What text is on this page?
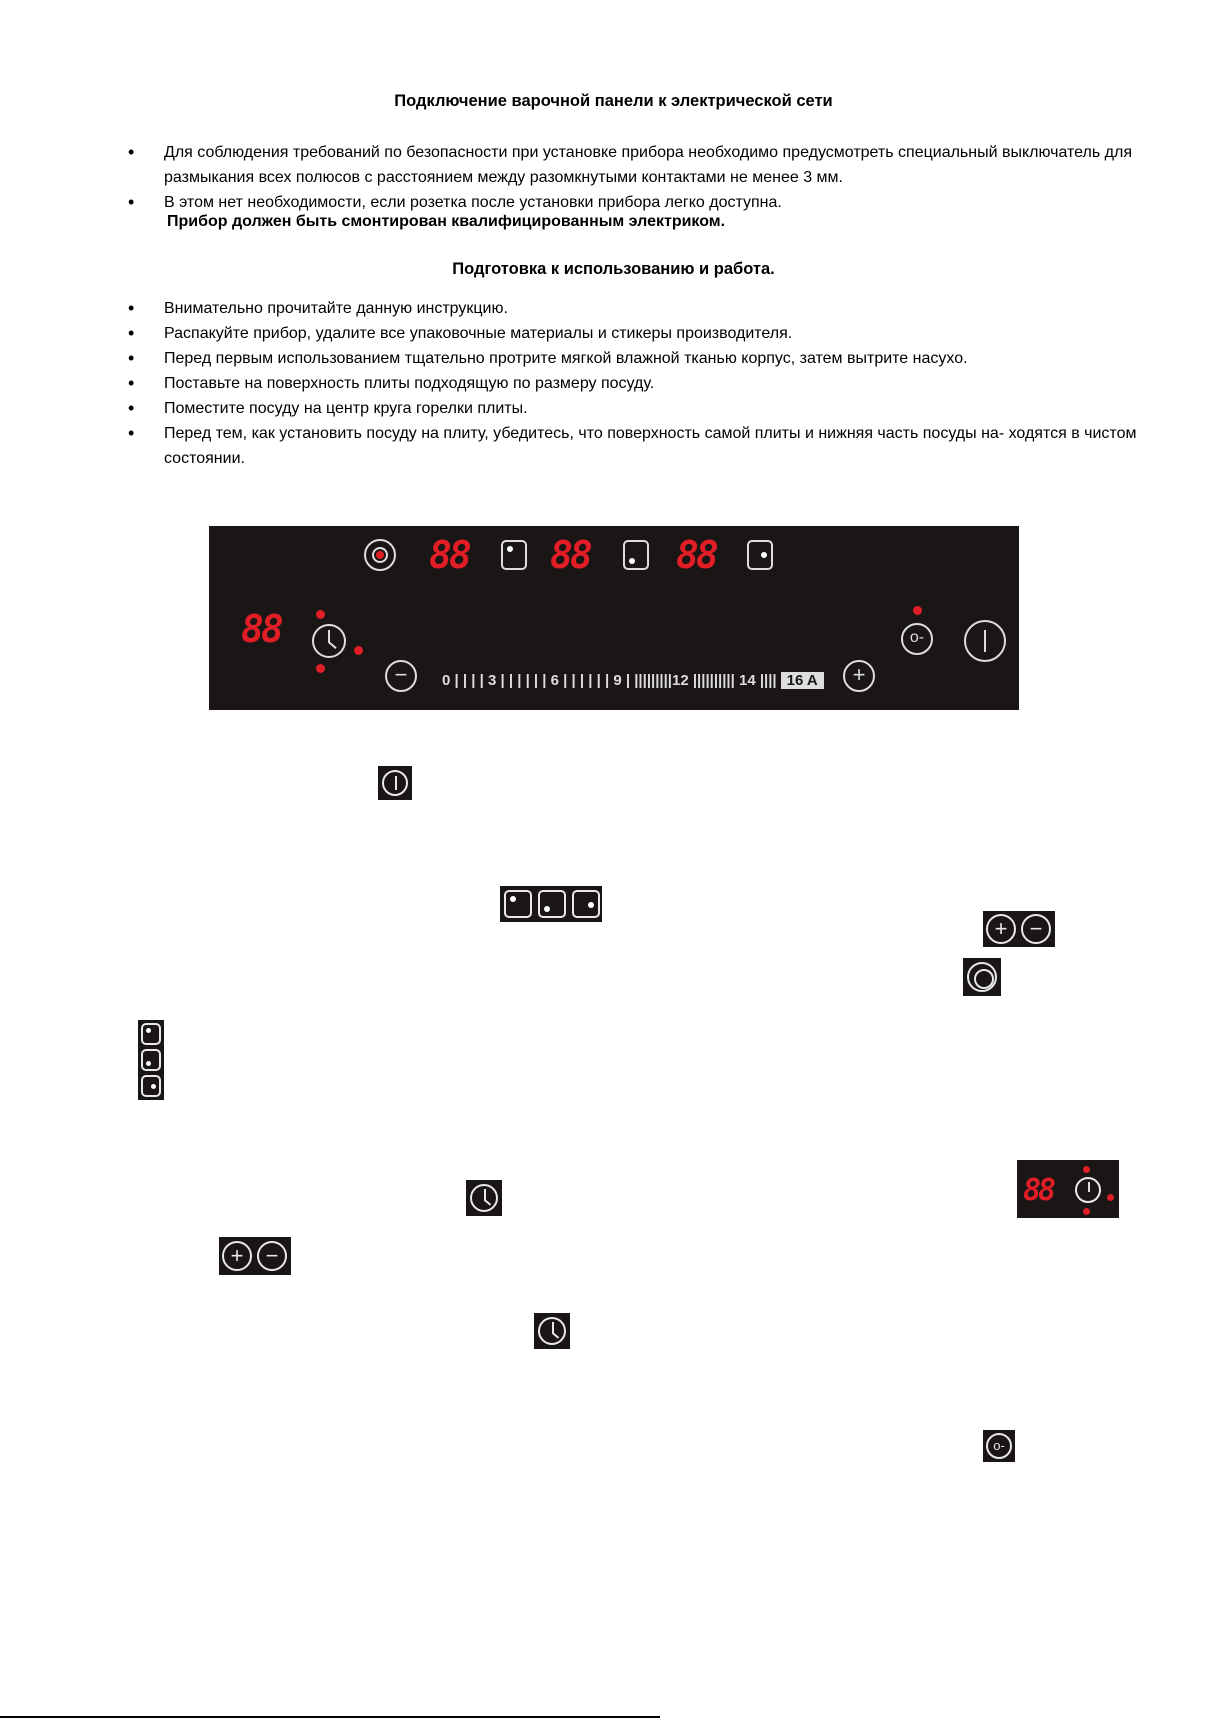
Подключение варочной панели к электрической сети
• Для соблюдения требований по безопасности при установке прибора необходимо предусмотреть специальный выключатель для размыкания всех полюсов с расстоянием между разомкнутыми контактами не менее 3 мм.
• В этом нет необходимости, если розетка после установки прибора легко доступна.
Прибор должен быть смонтирован квалифицированным электриком.
Подготовка к использованию и работа.
• Внимательно прочитайте данную инструкцию.
• Распакуйте прибор, удалите все упаковочные материалы и стикеры производителя.
• Перед первым использованием тщательно протрите мягкой влажной тканью корпус, затем вытрите насухо.
• Поставьте на поверхность плиты подходящую по размеру посуду.
• Поместите посуду на центр круга горелки плиты.
• Перед тем, как установить посуду на плиту, убедитесь, что поверхность самой плиты и нижняя часть посуды на- ходятся в чистом состоянии.
88 88 88
88
−	0 | | | | 3 | | | | | | 6 | | | | | | 9 | |||||||||12 |||||||||| 14 |||| 16 A	+
o-
+	−
88
+	−
o-
